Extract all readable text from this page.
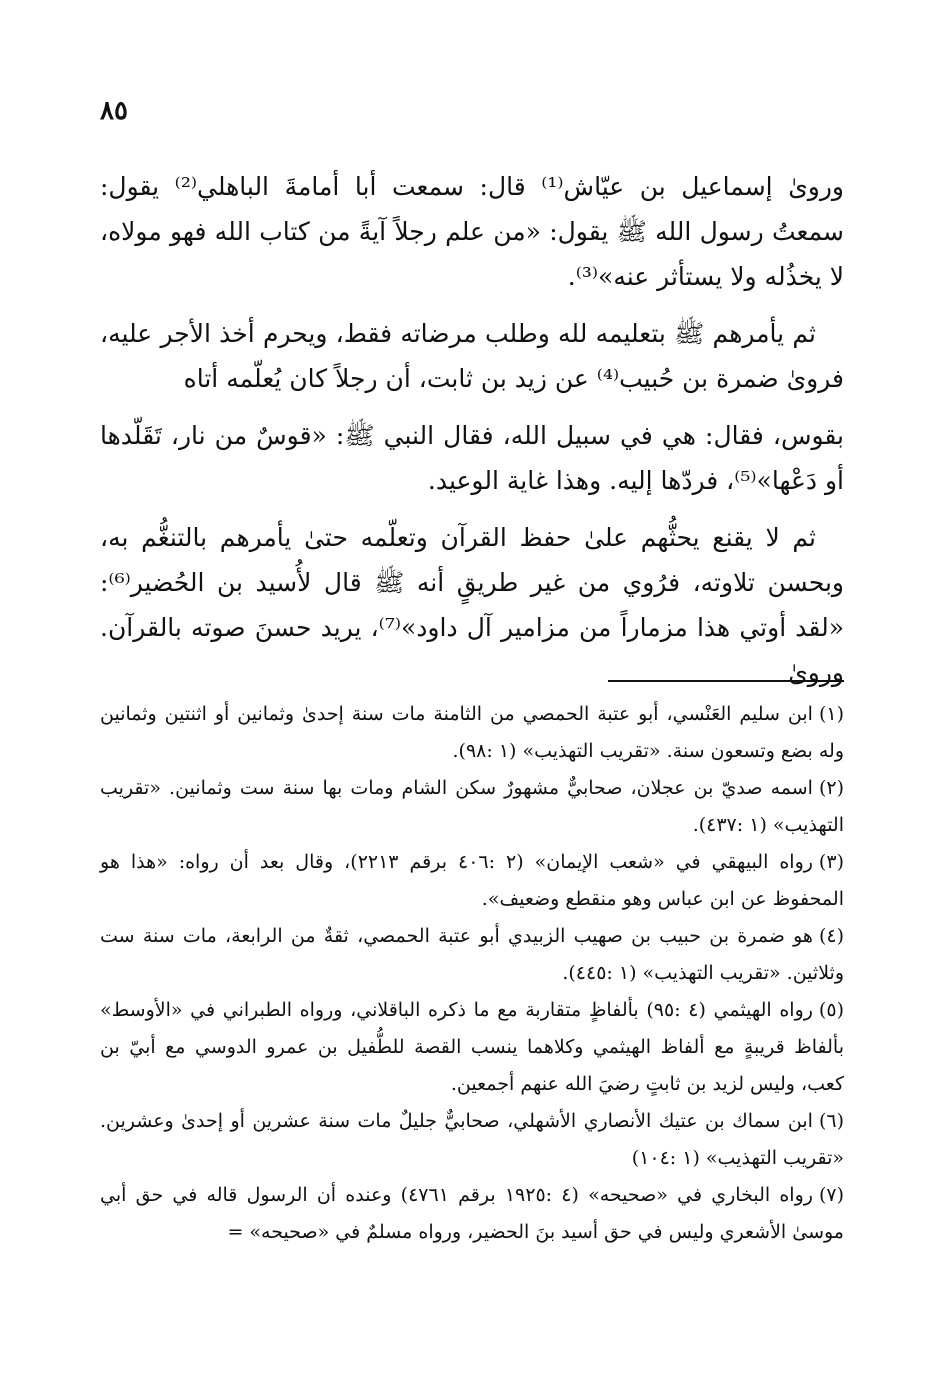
٨٥

وروىٰ إسماعيل بن عيّاش⁽¹⁾ قال: سمعت أبا أمامةَ الباهلي⁽²⁾ يقول: سمعتُ رسول الله ﷺ يقول: «من علم رجلاً آيةً من كتاب الله فهو مولاه، لا يخذُله ولا يستأثر عنه»⁽³⁾.

ثم يأمرهم ﷺ بتعليمه لله وطلب مرضاته فقط، ويحرم أخذ الأجر عليه، فروىٰ ضمرة بن حُبيب⁽⁴⁾ عن زيد بن ثابت، أن رجلاً كان يُعلّمه أتاه

بقوس، فقال: هي في سبيل الله، فقال النبي ﷺ: «قوسٌ من نار، تَقَلّدها أو دَعْها»⁽⁵⁾، فردّها إليه. وهذا غاية الوعيد.

ثم لا يقنع يحثُّهم علىٰ حفظ القرآن وتعلّمه حتىٰ يأمرهم بالتنغُّم به، وبحسن تلاوته، فرُوي من غير طريقٍ أنه ﷺ قال لأُسيد بن الحُضير⁽⁶⁾: «لقد أوتي هذا مزماراً من مزامير آل داود»⁽⁷⁾، يريد حسنَ صوته بالقرآن. وروىٰ

(١)ابن سليم العَنْسي، أبو عتبة الحمصي من الثامنة مات سنة إحدىٰ وثمانين أو اثنتين وثمانين وله بضع وتسعون سنة. «تقريب التهذيب» (١ :٩٨).

(٢)اسمه صديّ بن عجلان، صحابيٌّ مشهورٌ سكن الشام ومات بها سنة ست وثمانين. «تقريب التهذيب» (١ :٤٣٧).

(٣)رواه البيهقي في «شعب الإيمان» (٢ :٤٠٦ برقم ٢٢١٣)، وقال بعد أن رواه: «هذا هو المحفوظ عن ابن عباس وهو منقطع وضعيف».

(٤)هو ضمرة بن حبيب بن صهيب الزبيدي أبو عتبة الحمصي، ثقةٌ من الرابعة، مات سنة ست وثلاثين. «تقريب التهذيب» (١ :٤٤٥).

(٥)رواه الهيثمي (٤ :٩٥) بألفاظٍ متقاربة مع ما ذكره الباقلاني، ورواه الطبراني في «الأوسط» بألفاظ قريبةٍ مع ألفاظ الهيثمي وكلاهما ينسب القصة للطُّفيل بن عمرو الدوسي مع أبيّ بن كعب، وليس لزيد بن ثابتٍ رضيَ الله عنهم أجمعين.

(٦)ابن سماك بن عتيك الأنصاري الأشهلي، صحابيٌّ جليلٌ مات سنة عشرين أو إحدىٰ وعشرين. «تقريب التهذيب» (١ :١٠٤)

(٧)رواه البخاري في «صحيحه» (٤ :١٩٢٥ برقم ٤٧٦١) وعنده أن الرسول قاله في حق أبي موسىٰ الأشعري وليس في حق أسيد بنَ الحضير، ورواه مسلمٌ في «صحيحه» =
